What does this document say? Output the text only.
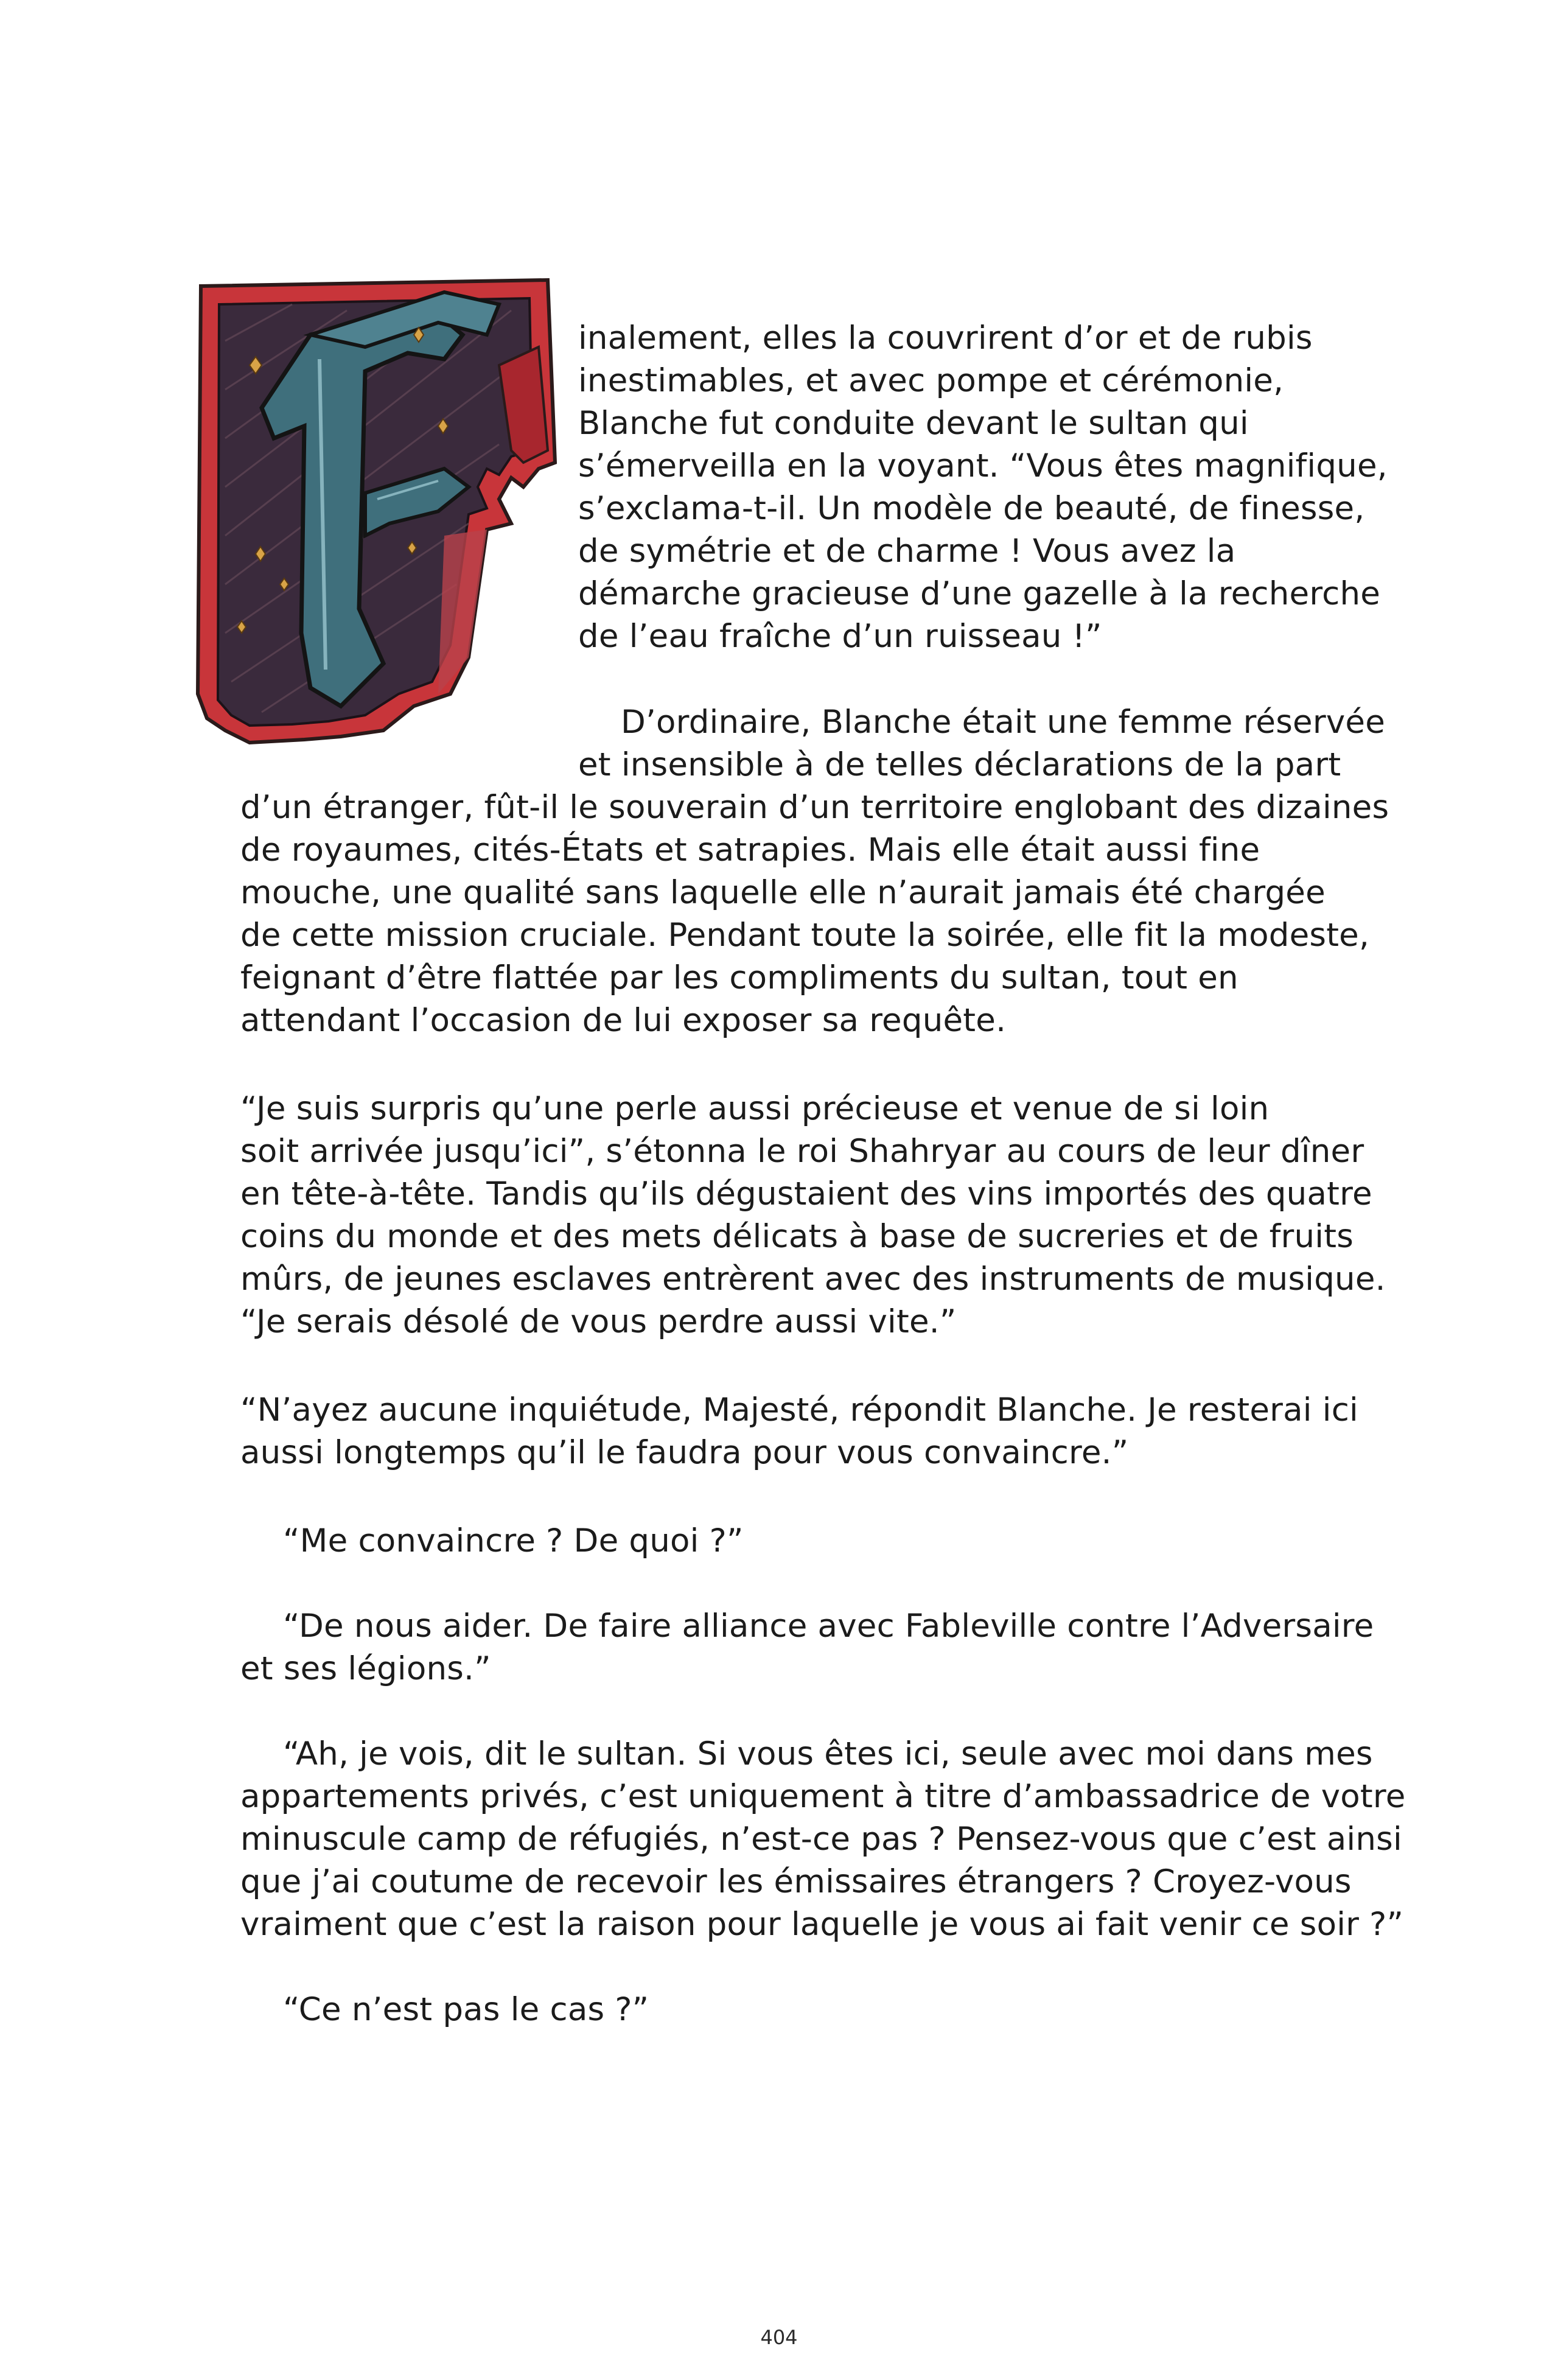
inalement, elles la couvrirent d’or et de rubis
inestimables, et avec pompe et cérémonie,
Blanche fut conduite devant le sultan qui
s’émerveilla en la voyant. “Vous êtes magnifique,
s’exclama-t-il. Un modèle de beauté, de finesse,
de symétrie et de charme ! Vous avez la
démarche gracieuse d’une gazelle à la recherche
de l’eau fraîche d’un ruisseau !”
D’ordinaire, Blanche était une femme réservée
et insensible à de telles déclarations de la part
d’un étranger, fût-il le souverain d’un territoire englobant des dizaines
de royaumes, cités-États et satrapies. Mais elle était aussi fine
mouche, une qualité sans laquelle elle n’aurait jamais été chargée
de cette mission cruciale. Pendant toute la soirée, elle fit la modeste,
feignant d’être flattée par les compliments du sultan, tout en
attendant l’occasion de lui exposer sa requête.
“Je suis surpris qu’une perle aussi précieuse et venue de si loin
soit arrivée jusqu’ici”, s’étonna le roi Shahryar au cours de leur dîner
en tête-à-tête. Tandis qu’ils dégustaient des vins importés des quatre
coins du monde et des mets délicats à base de sucreries et de fruits
mûrs, de jeunes esclaves entrèrent avec des instruments de musique.
“Je serais désolé de vous perdre aussi vite.”
“N’ayez aucune inquiétude, Majesté, répondit Blanche. Je resterai ici
aussi longtemps qu’il le faudra pour vous convaincre.”
“Me convaincre ? De quoi ?”
“De nous aider. De faire alliance avec Fableville contre l’Adversaire
et ses légions.”
“Ah, je vois, dit le sultan. Si vous êtes ici, seule avec moi dans mes
appartements privés, c’est uniquement à titre d’ambassadrice de votre
minuscule camp de réfugiés, n’est-ce pas ? Pensez-vous que c’est ainsi
que j’ai coutume de recevoir les émissaires étrangers ? Croyez-vous
vraiment que c’est la raison pour laquelle je vous ai fait venir ce soir ?”
“Ce n’est pas le cas ?”
404
